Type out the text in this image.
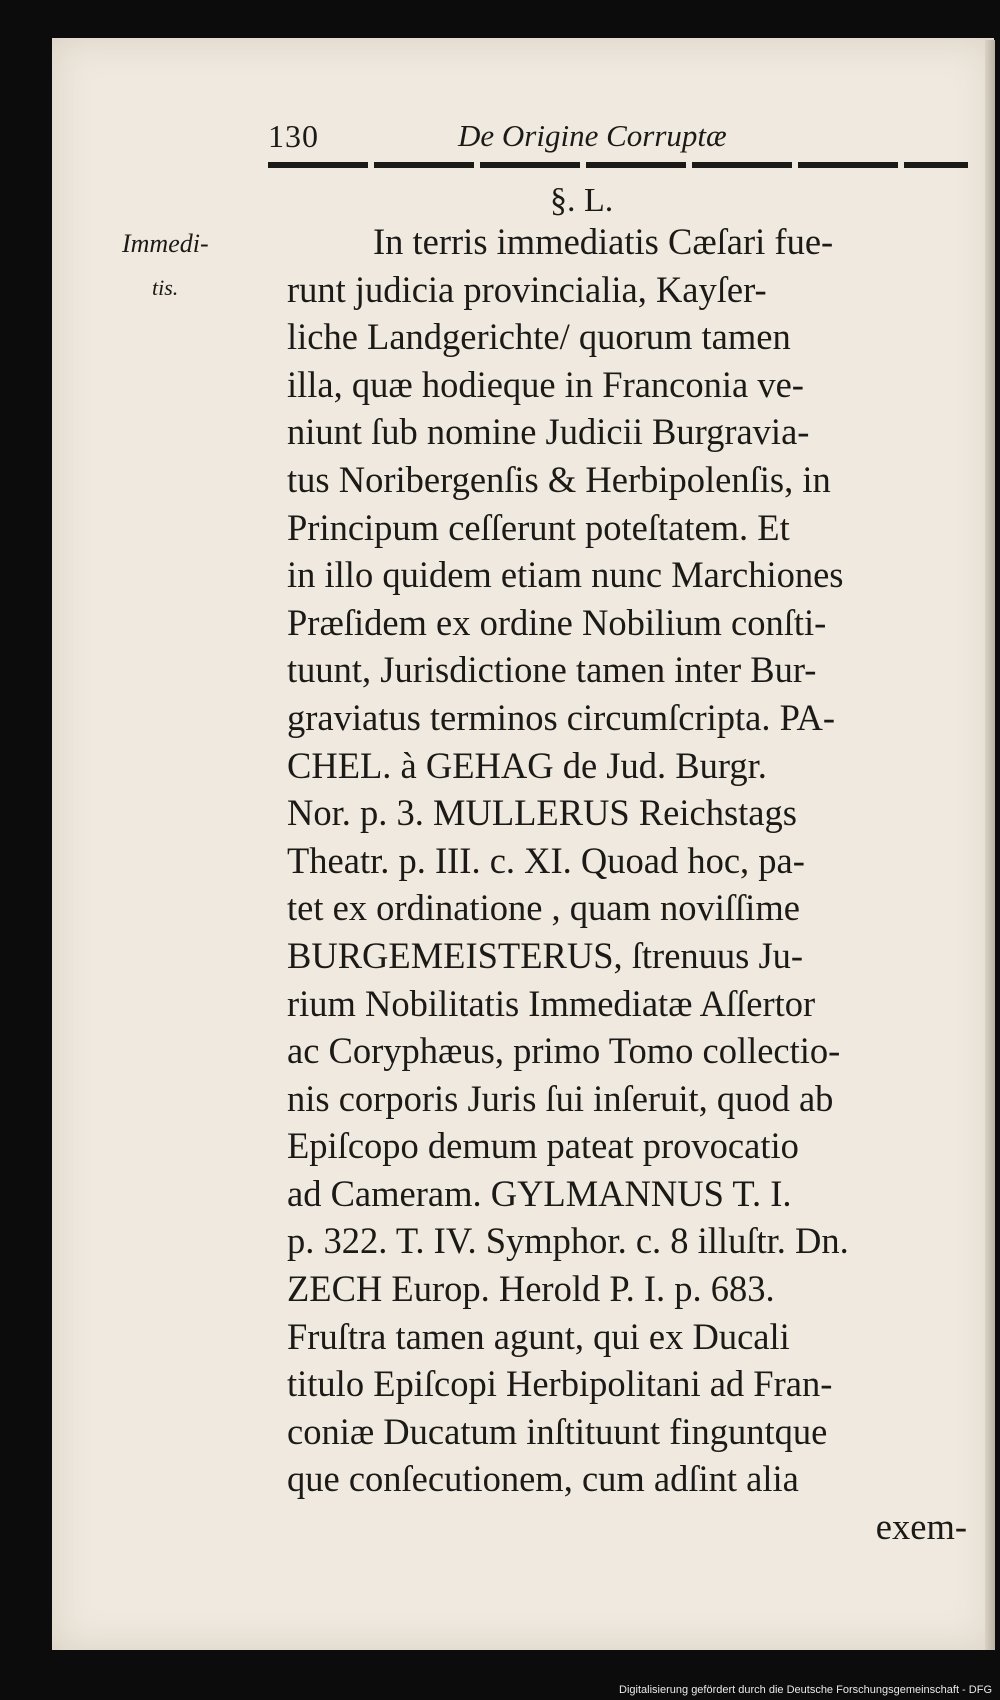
130	De Origine Corruptæ
§. L.
Immedi-
tis.
In terris immediatis Cæſari fue-
runt judicia provincialia, Kayſer-
liche Landgerichte/ quorum tamen
illa, quæ hodieque in Franconia ve-
niunt ſub nomine Judicii Burgravia-
tus Noribergenſis & Herbipolenſis, in
Principum ceſſerunt poteſtatem. Et
in illo quidem etiam nunc Marchiones
Præſidem ex ordine Nobilium conſti-
tuunt, Jurisdictione tamen inter Bur-
graviatus terminos circumſcripta. PA-
CHEL. à GEHAG de Jud. Burgr.
Nor. p. 3. MULLERUS Reichstags
Theatr. p. III. c. XI. Quoad hoc, pa-
tet ex ordinatione , quam noviſſime
BURGEMEISTERUS, ſtrenuus Ju-
rium Nobilitatis Immediatæ Aſſertor
ac Coryphæus, primo Tomo collectio-
nis corporis Juris ſui inſeruit, quod ab
Epiſcopo demum pateat provocatio
ad Cameram. GYLMANNUS T. I.
p. 322. T. IV. Symphor. c. 8 illuſtr. Dn.
ZECH Europ. Herold P. I. p. 683.
Fruſtra tamen agunt, qui ex Ducali
titulo Epiſcopi Herbipolitani ad Fran-
coniæ Ducatum inſtituunt finguntque
que conſecutionem, cum adſint alia
exem-
Digitalisierung gefördert durch die Deutsche Forschungsgemeinschaft - DFG
